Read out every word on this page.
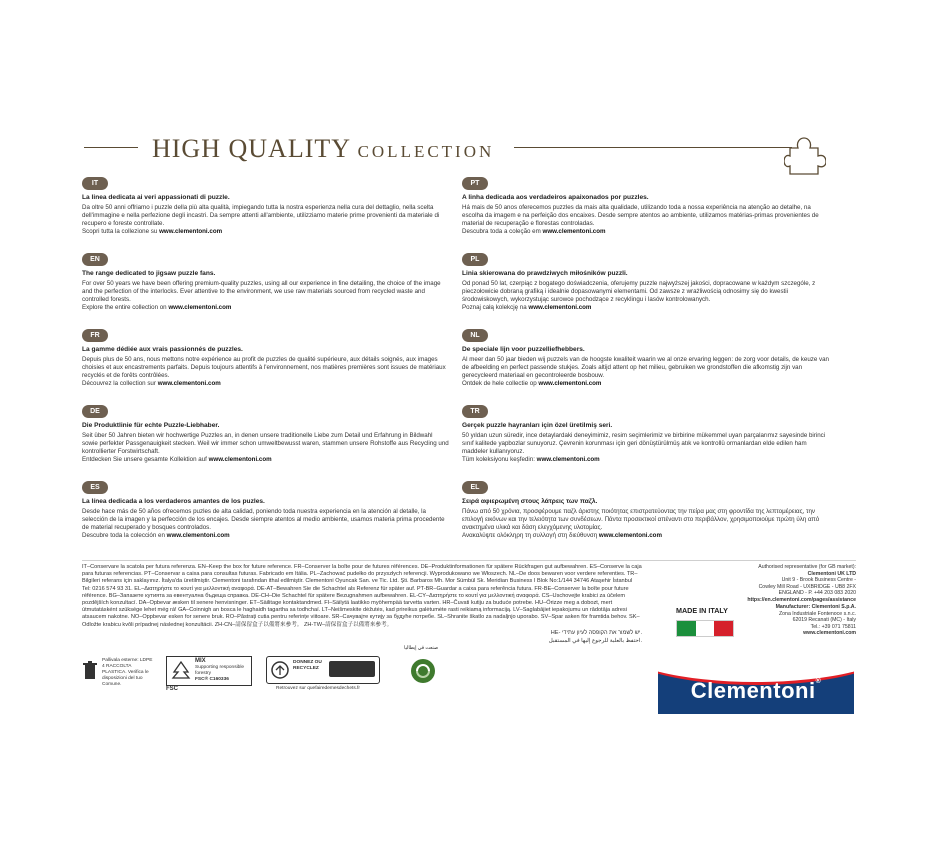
HIGH QUALITY COLLECTION
IT
La linea dedicata ai veri appassionati di puzzle.

Da oltre 50 anni offriamo i puzzle della più alta qualità, impiegando tutta la nostra esperienza nella cura del dettaglio, nella scelta dell'immagine e nella perfezione degli incastri. Da sempre attenti all'ambiente, utilizziamo materie prime provenienti da materiale di recupero e foreste controllate.

Scopri tutta la collezione su www.clementoni.com
EN
The range dedicated to jigsaw puzzle fans.

For over 50 years we have been offering premium-quality puzzles, using all our experience in fine detailing, the choice of the image and the perfection of the interlocks. Ever attentive to the environment, we use raw materials sourced from recycled waste and controlled forests.

Explore the entire collection on www.clementoni.com
FR
La gamme dédiée aux vrais passionnés de puzzles.

Depuis plus de 50 ans, nous mettons notre expérience au profit de puzzles de qualité supérieure, aux détails soignés, aux images choisies et aux encastrements parfaits. Depuis toujours attentifs à l'environnement, nos matières premières sont issues de matériaux recyclés et de forêts contrôlées.

Découvrez la collection sur www.clementoni.com
DE
Die Produktlinie für echte Puzzle-Liebhaber.

Seit über 50 Jahren bieten wir hochwertige Puzzles an, in denen unsere traditionelle Liebe zum Detail und Erfahrung in Bildwahl sowie perfekter Passgenauigkeit stecken. Weil wir immer schon umweltbewusst waren, stammen unsere Rohstoffe aus Recycling und kontrollierter Forstwirtschaft.

Entdecken Sie unsere gesamte Kollektion auf www.clementoni.com
ES
La línea dedicada a los verdaderos amantes de los puzles.

Desde hace más de 50 años ofrecemos puzles de alta calidad, poniendo toda nuestra experiencia en la atención al detalle, la selección de la imagen y la perfección de los encajes. Desde siempre atentos al medio ambiente, usamos materia prima procedente de material recuperado y bosques controlados.

Descubre toda la colección en www.clementoni.com
PT
A linha dedicada aos verdadeiros apaixonados por puzzles.

Há mais de 50 anos oferecemos puzzles da mais alta qualidade, utilizando toda a nossa experiência na atenção ao detalhe, na escolha da imagem e na perfeição dos encaixes. Desde sempre atentos ao ambiente, utilizamos matérias-primas provenientes de material de recuperação e florestas controladas.

Descubra toda a coleção em www.clementoni.com
PL
Linia skierowana do prawdziwych miłośników puzzli.

Od ponad 50 lat, czerpiąc z bogatego doświadczenia, oferujemy puzzle najwyższej jakości, dopracowane w każdym szczególe, z pieczołowicie dobraną grafiką i idealnie dopasowanymi elementami. Od zawsze z wrażliwością odnosimy się do kwestii środowiskowych, wykorzystując surowce pochodzące z recyklingu i lasów kontrolowanych.

Poznaj całą kolekcję na www.clementoni.com
NL
De speciale lijn voor puzzelliefhebbers.

Al meer dan 50 jaar bieden wij puzzels van de hoogste kwaliteit waarin we al onze ervaring leggen: de zorg voor details, de keuze van de afbeelding en perfect passende stukjes. Zoals altijd attent op het milieu, gebruiken we grondstoffen die afkomstig zijn van gerecycleerd materiaal en gecontroleerde bosbouw.

Ontdek de hele collectie op www.clementoni.com
TR
Gerçek puzzle hayranları için özel üretilmiş seri.

50 yıldan uzun süredir, ince detaylardaki deneyimimiz, resim seçimlerimiz ve birbirine mükemmel uyan parçalarımız sayesinde birinci sınıf kalitede yapbozlar sunuyoruz. Çevrenin korunması için geri dönüştürülmüş atık ve kontrollü ormanlardan elde edilen ham maddeler kullanıyoruz.

Tüm koleksiyonu keşfedin: www.clementoni.com
EL
Σειρά αφιερωμένη στους λάτρεις των παζλ.

Πάνω από 50 χρόνια, προσφέρουμε παζλ άριστης ποιότητας επιστρατεύοντας την πείρα μας στη φροντίδα της λεπτομέρειας, την επιλογή εικόνων και την τελειότητα των συνδέσεων. Πάντα προσεκτικοί απέναντι στο περιβάλλον, χρησιμοποιούμε πρώτη ύλη από ανακτημένα υλικά και δάση ελεγχόμενης υλοτομίας.

Ανακαλύψτε ολόκληρη τη συλλογή στη διεύθυνση www.clementoni.com
IT–Conservare la scatola per futura referenza. EN–Keep the box for future reference. FR–Conserver la boîte pour de futures références. DE–Produktinformationen für spätere Rückfragen gut aufbewahren. ES–Conserve la caja para futuras referencias. PT–Conservar a caixa para consultas futuras. Fabricado em Itália. PL–Zachować pudełko do przyszłych referencji. Wyprodukowano we Włoszech. NL–De doos bewaren voor verdere referenties. TR–Bilgileri referans için saklayınız. İtalya'da üretilmiştir. Clementoni tarafından ithal edilmiştir. Clementoni Oyuncak San. ve Tic. Ltd. Şti. Barbaros Mh. Mor Sümbül Sk. Meridian Business I Blok No:1/144 34746 Ataşehir İstanbul Tel: 0216 574 93 31. EL–Διατηρήστε το κουτί για μελλοντική αναφορά. DE-AT–Bewahren Sie die Schachtel als Referenz für später auf. PT-BR–Guardar a caixa para referência futura. FR-BE–Conserver la boîte pour future référence. BG–Запазете кутията за евентуална бъдеща справка. DE-CH–Die Schachtel für spätere Bezugnahmen aufbewahren. EL-CY–Διατηρήστε το κουτί για μελλοντική αναφορά. CS–Uschovejte krabici za účelem pozdějších konzultací. DA–Opbevar æsken til senere henvisninger. ET–Säilitage kontaktandmed. FI–Säilytä laatikko myöhempää tarvetta varten. HR–Čuvati kutiju za buduće potrebe. HU–Őrizze meg a dobozt, mert útmutatásként szüksége lehet még rá! GA–Coinnigh an bosca le haghaidh tagartha sa todhchaí. LT–Neišmeskite dėžutės, kad prireikus galėtumėte rasti reikiamą informaciją. LV–Saglabājiet iepakojumu un rādotāja adresi atsaucem nakotne. NO–Oppbevar esken for senere bruk. RO–Păstrați cutia pentru referințe viitoare. SR–Сачувајте кутију за будуће потребе. SL–Shranite škatlo za nadaljnjo uporabo. SV–Spar asken för framtida behov. SK–Odložte krabicu kvôli prípadnej následnej konzultácii. ZH-CN–請保留盒子以備將來參考。 ZH-TW–請保留盒子以備將來參考。
HE- יש לשמור את הקופסה לעיון עתידי.
احتفظ بالعلبة للرجوع إليها في المستقبل.
Authorised representative (for GB market):
Clementoni UK LTD
Unit 9 - Brook Business Centre -
Cowley Mill Road - UXBRIDGE - UB8 2FX
ENGLAND - P. +44 203 083 2020
https://en.clementoni.com/pages/assistance
MADE IN ITALY	Manufacturer: Clementoni S.p.A.
Zona Industriale Fontenoce s.n.c.
62019 Recanati (MC) - Italy
Tel.: +39 071 75811
www.clementoni.com
Pallivala esterne: LDPE 4 RACCOLTA PLASTICA. Verifica le disposizioni del tuo Comune.
MIX
Supporting responsible forestry
FSC® C160336
FSC
DONNEZ OU RECYCLEZ
Retrouvez sur quefairedemesdechets.fr
صنعت في إيطاليا
Clementoni®
